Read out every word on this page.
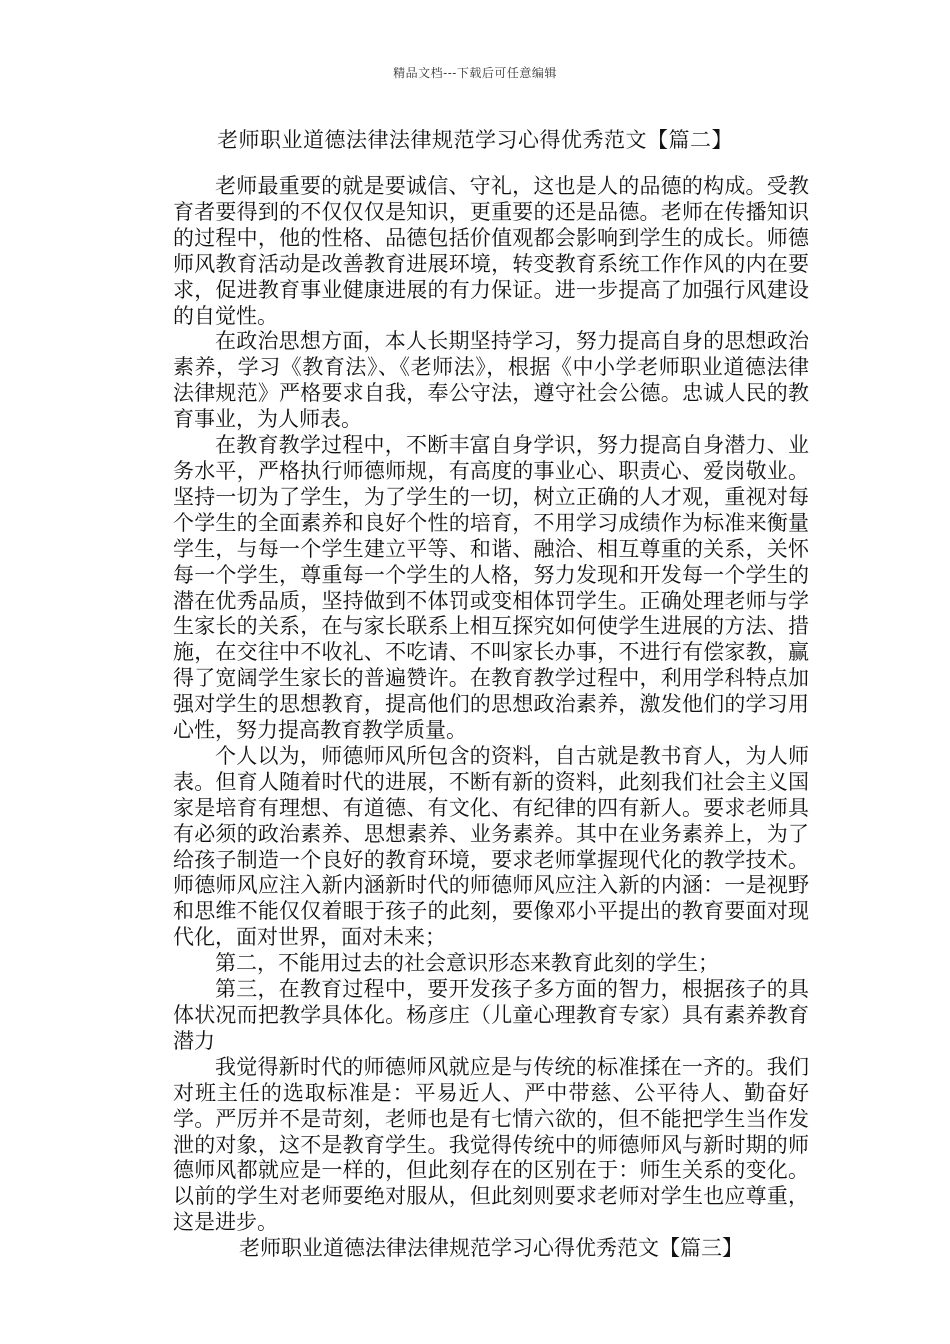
精品文档---下载后可任意编辑
老师职业道德法律法律规范学习心得优秀范文【篇二】

老师最重要的就是要诚信、守礼，这也是人的品德的构成。受教育者要得到的不仅仅仅是知识，更重要的还是品德。老师在传播知识的过程中，他的性格、品德包括价值观都会影响到学生的成长。师德师风教育活动是改善教育进展环境，转变教育系统工作作风的内在要求，促进教育事业健康进展的有力保证。进一步提高了加强行风建设的自觉性。

在政治思想方面，本人长期坚持学习，努力提高自身的思想政治素养，学习《教育法》、《老师法》，根据《中小学老师职业道德法律法律规范》严格要求自我，奉公守法，遵守社会公德。忠诚人民的教育事业，为人师表。

在教育教学过程中，不断丰富自身学识，努力提高自身潜力、业务水平，严格执行师德师规，有高度的事业心、职责心、爱岗敬业。坚持一切为了学生，为了学生的一切，树立正确的人才观，重视对每个学生的全面素养和良好个性的培育，不用学习成绩作为标准来衡量学生，与每一个学生建立平等、和谐、融洽、相互尊重的关系，关怀每一个学生，尊重每一个学生的人格，努力发现和开发每一个学生的潜在优秀品质，坚持做到不体罚或变相体罚学生。正确处理老师与学生家长的关系，在与家长联系上相互探究如何使学生进展的方法、措施，在交往中不收礼、不吃请、不叫家长办事，不进行有偿家教，赢得了宽阔学生家长的普遍赞许。在教育教学过程中，利用学科特点加强对学生的思想教育，提高他们的思想政治素养，激发他们的学习用心性，努力提高教育教学质量。

个人以为，师德师风所包含的资料，自古就是教书育人，为人师表。但育人随着时代的进展，不断有新的资料，此刻我们社会主义国家是培育有理想、有道德、有文化、有纪律的四有新人。要求老师具有必须的政治素养、思想素养、业务素养。其中在业务素养上，为了给孩子制造一个良好的教育环境，要求老师掌握现代化的教学技术。师德师风应注入新内涵新时代的师德师风应注入新的内涵：一是视野和思维不能仅仅着眼于孩子的此刻，要像邓小平提出的教育要面对现代化，面对世界，面对未来；

第二，不能用过去的社会意识形态来教育此刻的学生；

第三，在教育过程中，要开发孩子多方面的智力，根据孩子的具体状况而把教学具体化。杨彦庄（儿童心理教育专家）具有素养教育潜力

我觉得新时代的师德师风就应是与传统的标准揉在一齐的。我们对班主任的选取标准是：平易近人、严中带慈、公平待人、勤奋好学。严厉并不是苛刻，老师也是有七情六欲的，但不能把学生当作发泄的对象，这不是教育学生。我觉得传统中的师德师风与新时期的师德师风都就应是一样的，但此刻存在的区别在于：师生关系的变化。以前的学生对老师要绝对服从，但此刻则要求老师对学生也应尊重，这是进步。

老师职业道德法律法律规范学习心得优秀范文【篇三】
